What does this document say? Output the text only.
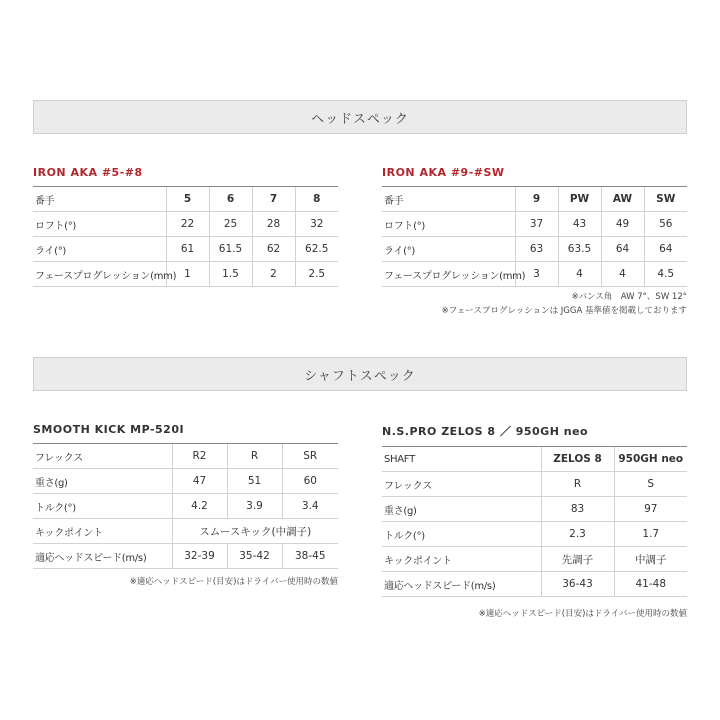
ヘッドスペック
IRON AKA #5-#8
番手	5	6	7	8
ロフト(°)	22	25	28	32
ライ(°)	61	61.5	62	62.5
フェースプログレッション(mm)	1	1.5	2	2.5
IRON AKA #9-#SW
番手	9	PW	AW	SW
ロフト(°)	37	43	49	56
ライ(°)	63	63.5	64	64
フェースプログレッション(mm)	3	4	4	4.5
※バンス角　AW 7°、SW 12°
※フェースプログレッションは JGGA 基準値を掲載しております
シャフトスペック
SMOOTH KICK MP-520I
フレックス	R2	R	SR
重さ(g)	47	51	60
トルク(°)	4.2	3.9	3.4
キックポイント	スムースキック(中調子)		
適応ヘッドスピード(m/s)	32-39	35-42	38-45
※適応ヘッドスピード(目安)はドライバー使用時の数値
N.S.PRO ZELOS 8 ／ 950GH neo
SHAFT	ZELOS 8	950GH neo
フレックス	R	S
重さ(g)	83	97
トルク(°)	2.3	1.7
キックポイント	先調子	中調子
適応ヘッドスピード(m/s)	36-43	41-48
※適応ヘッドスピード(目安)はドライバー使用時の数値
